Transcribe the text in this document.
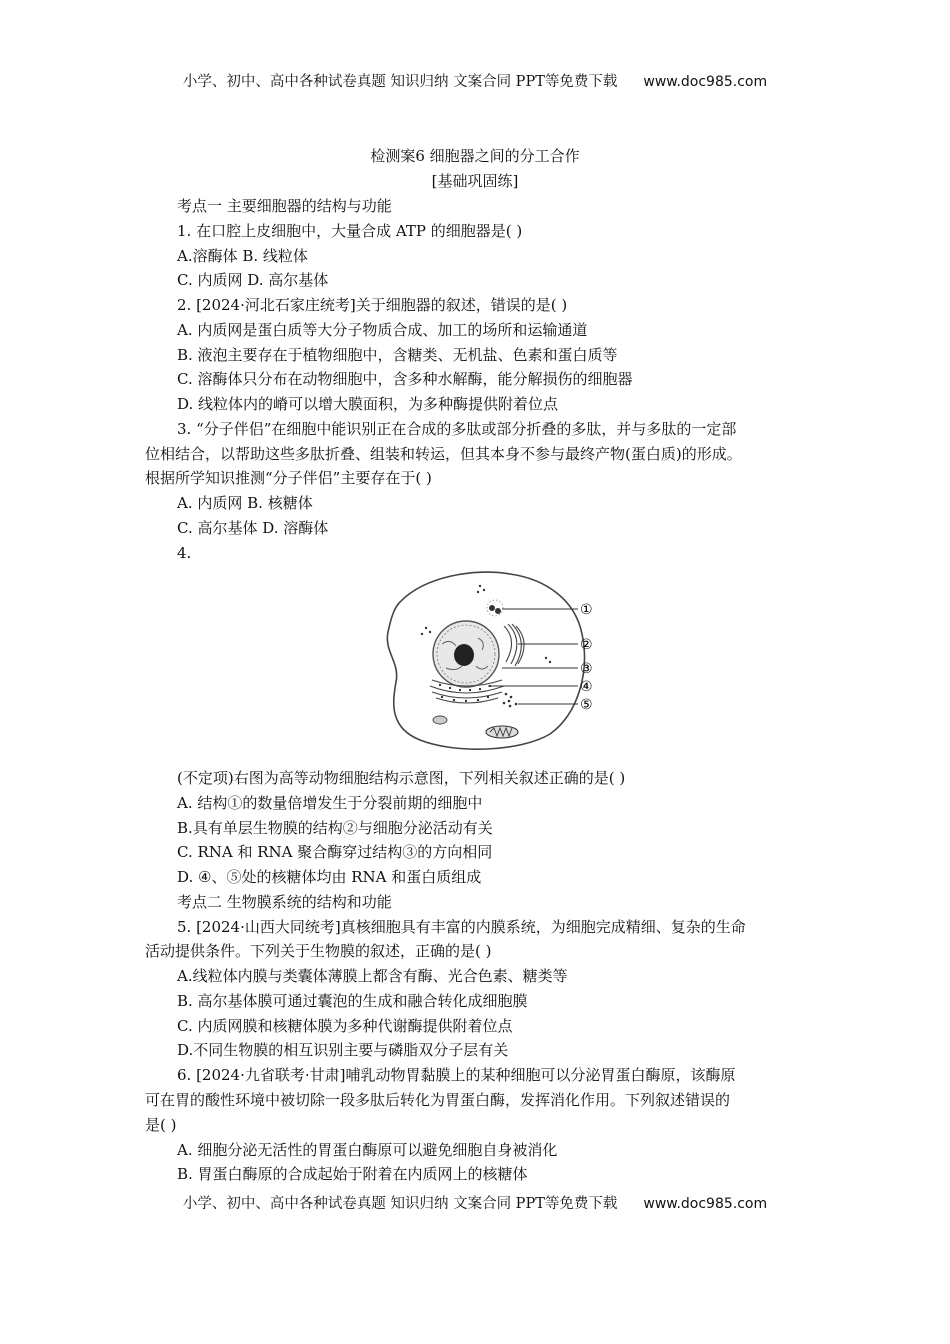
小学、初中、高中各种试卷真题 知识归纳 文案合同 PPT等免费下载 www.doc985.com
检测案6 细胞器之间的分工合作
[基础巩固练]
考点一 主要细胞器的结构与功能
1. 在口腔上皮细胞中，大量合成 ATP 的细胞器是( )
A.溶酶体 B. 线粒体
C. 内质网 D. 高尔基体
2. [2024·河北石家庄统考]关于细胞器的叙述，错误的是( )
A. 内质网是蛋白质等大分子物质合成、加工的场所和运输通道
B. 液泡主要存在于植物细胞中，含糖类、无机盐、色素和蛋白质等
C. 溶酶体只分布在动物细胞中，含多种水解酶，能分解损伤的细胞器
D. 线粒体内的嵴可以增大膜面积，为多种酶提供附着位点
3. “分子伴侣”在细胞中能识别正在合成的多肽或部分折叠的多肽，并与多肽的一定部
位相结合，以帮助这些多肽折叠、组装和转运，但其本身不参与最终产物(蛋白质)的形成。
根据所学知识推测“分子伴侣”主要存在于( )
A. 内质网 B. 核糖体
C. 高尔基体 D. 溶酶体
4.
①
②
③
④
⑤
(不定项)右图为高等动物细胞结构示意图，下列相关叙述正确的是( )
A. 结构①的数量倍增发生于分裂前期的细胞中
B.具有单层生物膜的结构②与细胞分泌活动有关
C. RNA 和 RNA 聚合酶穿过结构③的方向相同
D. ④、⑤处的核糖体均由 RNA 和蛋白质组成
考点二 生物膜系统的结构和功能
5. [2024·山西大同统考]真核细胞具有丰富的内膜系统，为细胞完成精细、复杂的生命
活动提供条件。下列关于生物膜的叙述，正确的是( )
A.线粒体内膜与类囊体薄膜上都含有酶、光合色素、糖类等
B. 高尔基体膜可通过囊泡的生成和融合转化成细胞膜
C. 内质网膜和核糖体膜为多种代谢酶提供附着位点
D.不同生物膜的相互识别主要与磷脂双分子层有关
6. [2024·九省联考·甘肃]哺乳动物胃黏膜上的某种细胞可以分泌胃蛋白酶原，该酶原
可在胃的酸性环境中被切除一段多肽后转化为胃蛋白酶，发挥消化作用。下列叙述错误的
是( )
A. 细胞分泌无活性的胃蛋白酶原可以避免细胞自身被消化
B. 胃蛋白酶原的合成起始于附着在内质网上的核糖体
小学、初中、高中各种试卷真题 知识归纳 文案合同 PPT等免费下载 www.doc985.com
